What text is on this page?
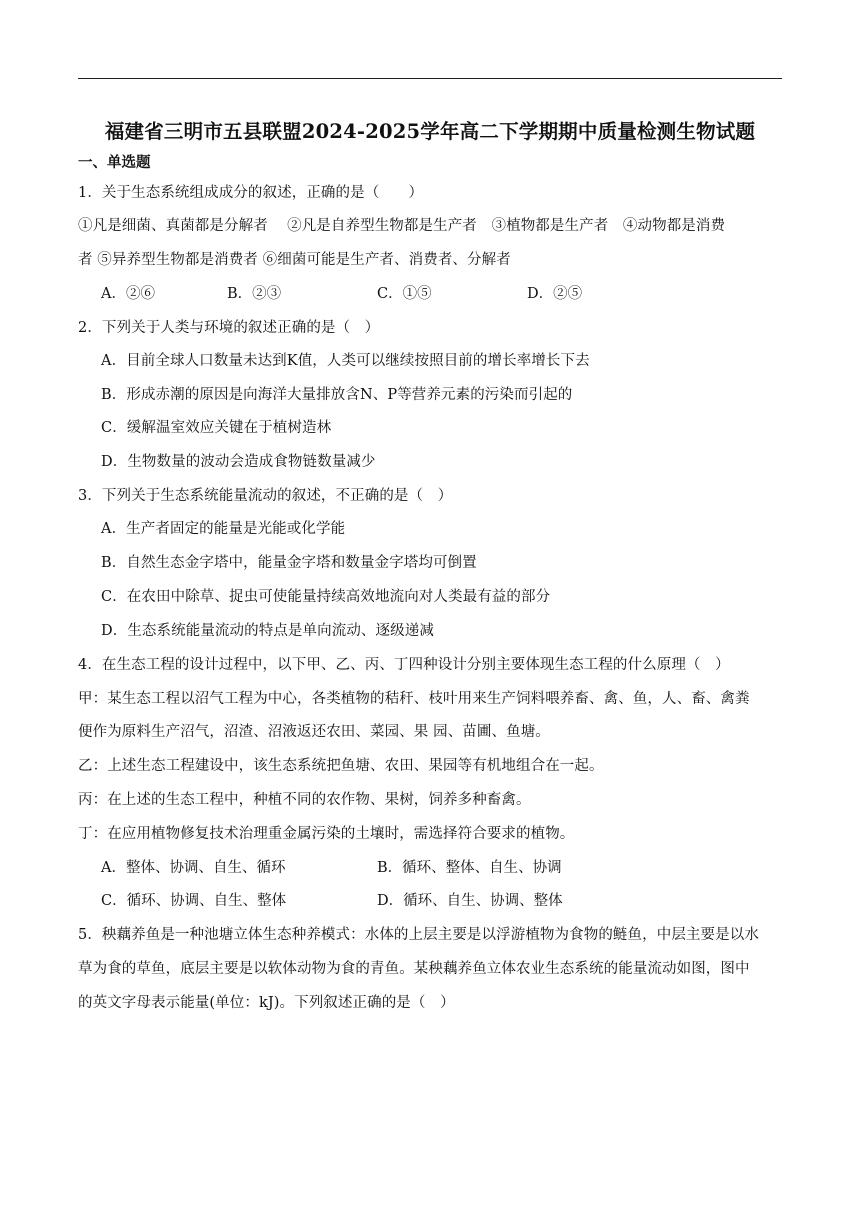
福建省三明市五县联盟2024-2025学年高二下学期期中质量检测生物试题
一、单选题
1．关于生态系统组成成分的叙述，正确的是（　　）
①凡是细菌、真菌都是分解者　 ②凡是自养型生物都是生产者　③植物都是生产者　④动物都是消费
者 ⑤异养型生物都是消费者 ⑥细菌可能是生产者、消费者、分解者
A．②⑥	B．②③	C．①⑤	D．②⑤
2．下列关于人类与环境的叙述正确的是（　）
A．目前全球人口数量未达到K值，人类可以继续按照目前的增长率增长下去
B．形成赤潮的原因是向海洋大量排放含N、P等营养元素的污染而引起的
C．缓解温室效应关键在于植树造林
D．生物数量的波动会造成食物链数量减少
3．下列关于生态系统能量流动的叙述，不正确的是（　）
A．生产者固定的能量是光能或化学能
B．自然生态金字塔中，能量金字塔和数量金字塔均可倒置
C．在农田中除草、捉虫可使能量持续高效地流向对人类最有益的部分
D．生态系统能量流动的特点是单向流动、逐级递减
4．在生态工程的设计过程中，以下甲、乙、丙、丁四种设计分别主要体现生态工程的什么原理（　）
甲：某生态工程以沼气工程为中心，各类植物的秸秆、枝叶用来生产饲料喂养畜、禽、鱼，人、畜、禽粪
便作为原料生产沼气，沼渣、沼液返还农田、菜园、果 园、苗圃、鱼塘。
乙：上述生态工程建设中，该生态系统把鱼塘、农田、果园等有机地组合在一起。
丙：在上述的生态工程中，种植不同的农作物、果树，饲养多种畜禽。
丁：在应用植物修复技术治理重金属污染的土壤时，需选择符合要求的植物。
A．整体、协调、自生、循环	B．循环、整体、自生、协调
C．循环、协调、自生、整体	D．循环、自生、协调、整体
5．秧藕养鱼是一种池塘立体生态种养模式：水体的上层主要是以浮游植物为食物的鲢鱼，中层主要是以水
草为食的草鱼，底层主要是以软体动物为食的青鱼。某秧藕养鱼立体农业生态系统的能量流动如图，图中
的英文字母表示能量(单位：kJ)。下列叙述正确的是（　）
